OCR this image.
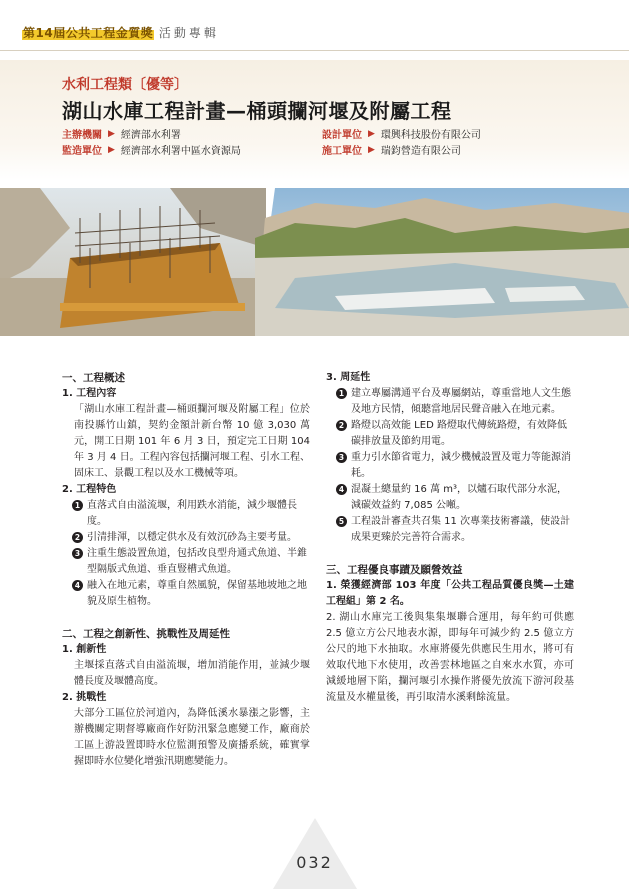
第14屆公共工程金質獎 活動專輯
水利工程類〔優等〕
湖山水庫工程計畫—桶頭攔河堰及附屬工程
主辦機關 ▶ 經濟部水利署
監造單位 ▶ 經濟部水利署中區水資源局
設計單位 ▶ 環興科技股份有限公司
施工單位 ▶ 瑞鈞營造有限公司
一、工程概述
1. 工程內容
「湖山水庫工程計畫—桶頭攔河堰及附屬工程」位於南投縣竹山鎮，契約金額計新台幣 10 億 3,030 萬元，開工日期 101 年 6 月 3 日，預定完工日期 104 年 3 月 4 日。工程內容包括攔河堰工程、引水工程、固床工、景觀工程以及水工機械等項。
2. 工程特色
1 直落式自由溢流堰，利用跌水消能，減少堰體長度。
2 引清排渾，以穩定供水及有效沉砂為主要考量。
3 注重生態設置魚道，包括改良型舟通式魚道、半錐型隔版式魚道、垂直豎槽式魚道。
4 融入在地元素，尊重自然風貌，保留基地坡地之地貌及原生植物。
二、工程之創新性、挑戰性及周延性
1. 創新性
主堰採直落式自由溢流堰，增加消能作用，並減少堰體長度及堰體高度。
2. 挑戰性
大部分工區位於河道內，為降低溪水暴漲之影響，主辦機關定期督導廠商作好防汛緊急應變工作，廠商於工區上游設置即時水位監測預警及廣播系統，確實掌握即時水位變化增強汛期應變能力。
3. 周延性
1 建立專屬溝通平台及專屬網站，尊重當地人文生態及地方民情，傾聽當地居民聲音融入在地元素。
2 路燈以高效能 LED 路燈取代傳統路燈，有效降低碳排放量及節約用電。
3 重力引水節省電力，減少機械設置及電力等能源消耗。
4 混凝土總量約 16 萬 m³，以爐石取代部分水泥，減碳效益約 7,085 公噸。
5 工程設計審查共召集 11 次專業技術審議，使設計成果更臻於完善符合需求。
三、工程優良事蹟及願營效益
1. 榮獲經濟部 103 年度「公共工程品質優良獎—土建工程組」第 2 名。
2. 湖山水庫完工後與集集堰聯合運用，每年約可供應 2.5 億立方公尺地表水源，即每年可減少約 2.5 億立方公尺的地下水抽取。水庫將優先供應民生用水，將可有效取代地下水使用，改善雲林地區之自來水水質，亦可減緩地層下陷，攔河堰引水操作將優先放流下游河段基流量及水權量後，再引取清水溪剩餘流量。
032
